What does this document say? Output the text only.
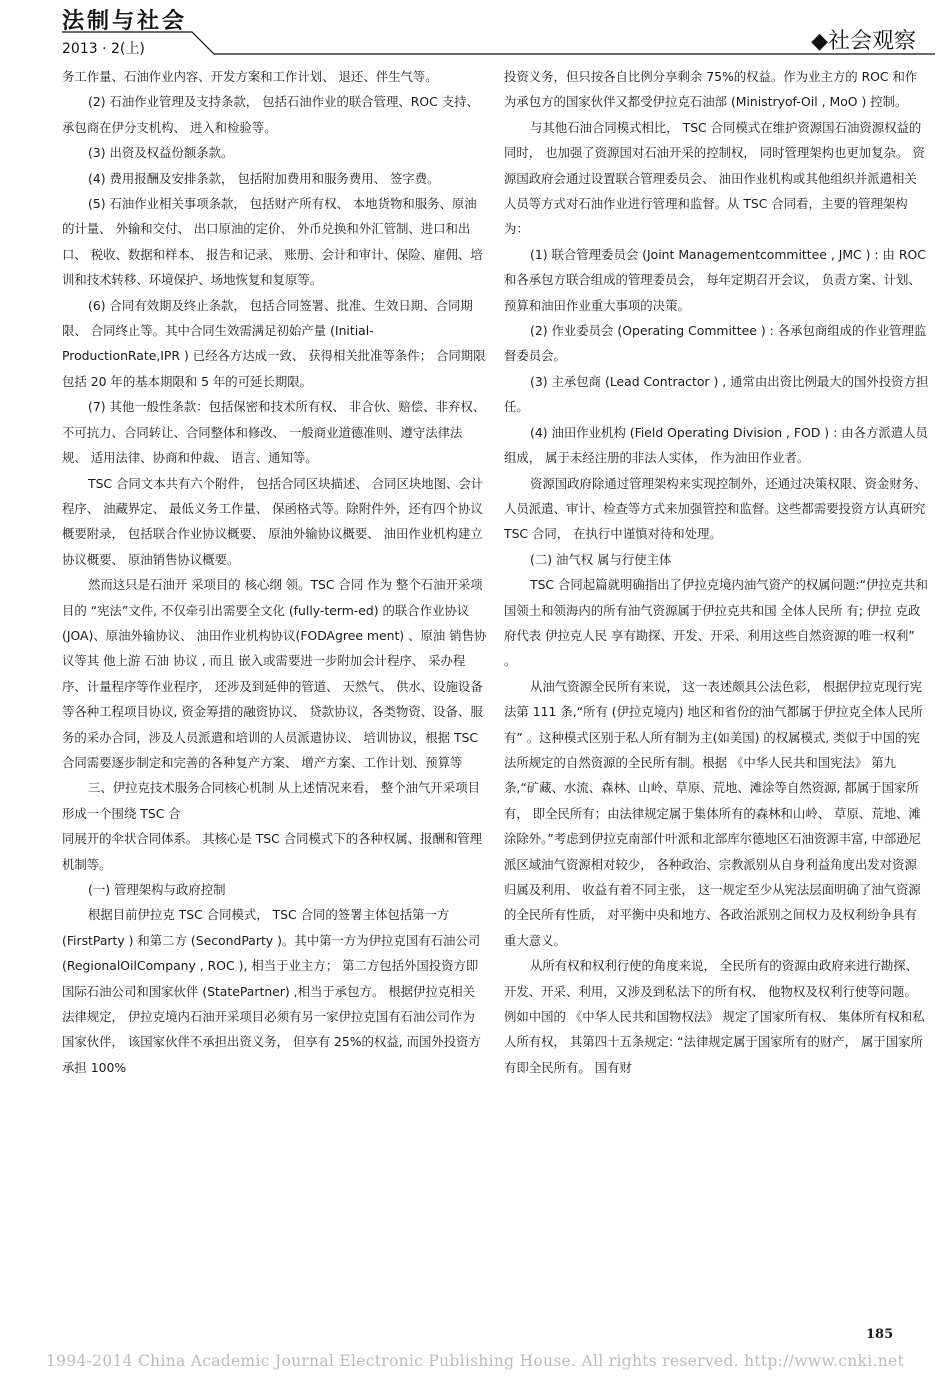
法制与社会
2013 · 2(上)	◆社会观察

务工作量、石油作业内容、开发方案和工作计划、 退还、伴生气等。

(2) 石油作业管理及支持条款， 包括石油作业的联合管理、ROC 支持、承包商在伊分支机构、 进入和检验等。

(3) 出资及权益份额条款。

(4) 费用报酬及安排条款， 包括附加费用和服务费用、 签字费。

(5) 石油作业相关事项条款， 包括财产所有权、 本地货物和服务、原油的计量、 外输和交付、 出口原油的定价、 外币兑换和外汇管制、进口和出口、 税收、数据和样本、 报告和记录、 账册、会计和审计、保险、雇佣、培训和技术转移、环境保护、场地恢复和复原等。

(6) 合同有效期及终止条款， 包括合同签署、批准、生效日期、合同期限、 合同终止等。其中合同生效需满足初始产量 (Initial-ProductionRate,IPR ) 已经各方达成一致、 获得相关批准等条件； 合同期限包括 20 年的基本期限和 5 年的可延长期限。

(7) 其他一般性条款：包括保密和技术所有权、 非合伙、赔偿、非弃权、不可抗力、合同转让、合同整体和修改、 一般商业道德准则、遵守法律法规、 适用法律、协商和仲裁、 语言、通知等。

TSC 合同文本共有六个附件， 包括合同区块描述、 合同区块地图、会计程序、 油藏界定、 最低义务工作量、 保函格式等。除附件外，还有四个协议概要附录， 包括联合作业协议概要、 原油外输协议概要、 油田作业机构建立协议概要、 原油销售协议概要。

然而这只是石油开 采项目的 核心纲 领。TSC 合同 作为 整个石油开采项目的 “宪法”文件, 不仅牵引出需要全文化 (fully-term-ed) 的联合作业协议 (JOA)、原油外输协议、 油田作业机构协议(FODAgree ment) 、原油 销售协 议等其 他上游 石油 协议 , 而且 嵌入或需要进一步附加会计程序、 采办程序、计量程序等作业程序， 还涉及到延伸的管道、 天然气、 供水、设施设备等各种工程项目协议, 资金筹措的融资协议、 贷款协议，各类物资、设备、服务的采办合同，涉及人员派遣和培训的人员派遣协议、 培训协议，根据 TSC 合同需要逐步制定和完善的各种复产方案、 增产方案、工作计划、预算等

三、伊拉克技术服务合同核心机制 从上述情况来看， 整个油气开采项目形成一个围绕 TSC 合

同展开的伞状合同体系。 其核心是 TSC 合同模式下的各种权属、报酬和管理机制等。

(一) 管理架构与政府控制

根据目前伊拉克 TSC 合同模式， TSC 合同的签署主体包括第一方 (FirstParty ) 和第二方 (SecondParty )。其中第一方为伊拉克国有石油公司 (RegionalOilCompany , ROC ), 相当于业主方； 第二方包括外国投资方即国际石油公司和国家伙伴 (StatePartner) ,相当于承包方。 根据伊拉克相关法律规定， 伊拉克境内石油开采项目必须有另一家伊拉克国有石油公司作为国家伙伴， 该国家伙伴不承担出资义务， 但享有 25%的权益, 而国外投资方承担 100%

投资义务，但只按各自比例分享剩余 75%的权益。作为业主方的 ROC 和作为承包方的国家伙伴又都受伊拉克石油部 (Ministryof-Oil , MoO ) 控制。

与其他石油合同模式相比， TSC 合同模式在维护资源国石油资源权益的同时， 也加强了资源国对石油开采的控制权， 同时管理架构也更加复杂。 资源国政府会通过设置联合管理委员会、 油田作业机构或其他组织并派遣相关人员等方式对石油作业进行管理和监督。从 TSC 合同看，主要的管理架构为：

(1) 联合管理委员会 (Joint Managementcommittee , JMC ) : 由 ROC 和各承包方联合组成的管理委员会， 每年定期召开会议， 负责方案、计划、预算和油田作业重大事项的决策。

(2) 作业委员会 (Operating Committee ) : 各承包商组成的作业管理监督委员会。

(3) 主承包商 (Lead Contractor ) , 通常由出资比例最大的国外投资方担任。

(4) 油田作业机构 (Field Operating Division , FOD ) : 由各方派遣人员组成， 属于未经注册的非法人实体， 作为油田作业者。

资源国政府除通过管理架构来实现控制外，还通过决策权限、资金财务、人员派遣、审计、检查等方式来加强管控和监督。这些都需要投资方认真研究 TSC 合同， 在执行中谨慎对待和处理。

(二) 油气权 属与行使主体

TSC 合同起篇就明确指出了伊拉克境内油气资产的权属问题:“伊拉克共和国领土和领海内的所有油气资源属于伊拉克共和国 全体人民所 有; 伊拉 克政府代表 伊拉克人民 享有勘探、开发、开采、利用这些自然资源的唯一权利” 。

从油气资源全民所有来说， 这一表述颇具公法色彩， 根据伊拉克现行宪法第 111 条,“所有 (伊拉克境内) 地区和省份的油气都属于伊拉克全体人民所有” 。这种模式区别于私人所有制为主(如美国) 的权属模式, 类似于中国的宪法所规定的自然资源的全民所有制。根据 《中华人民共和国宪法》 第九条,“矿藏、水流、森林、山岭、草原、荒地、滩涂等自然资源, 都属于国家所有， 即全民所有；由法律规定属于集体所有的森林和山岭、 草原、荒地、滩涂除外。”考虑到伊拉克南部什叶派和北部库尔德地区石油资源丰富, 中部逊尼派区域油气资源相对较少， 各种政治、宗教派别从自身利益角度出发对资源归属及利用、 收益有着不同主张， 这一规定至少从宪法层面明确了油气资源的全民所有性质， 对平衡中央和地方、各政治派别之间权力及权利纷争具有重大意义。

从所有权和权利行使的角度来说， 全民所有的资源由政府来进行勘探、开发、开采、利用，又涉及到私法下的所有权、 他物权及权利行使等问题。例如中国的 《中华人民共和国物权法》 规定了国家所有权、 集体所有权和私人所有权， 其第四十五条规定: “法律规定属于国家所有的财产， 属于国家所有即全民所有。 国有财

185
1994-2014 China Academic Journal Electronic Publishing House. All rights reserved. http://www.cnki.net
